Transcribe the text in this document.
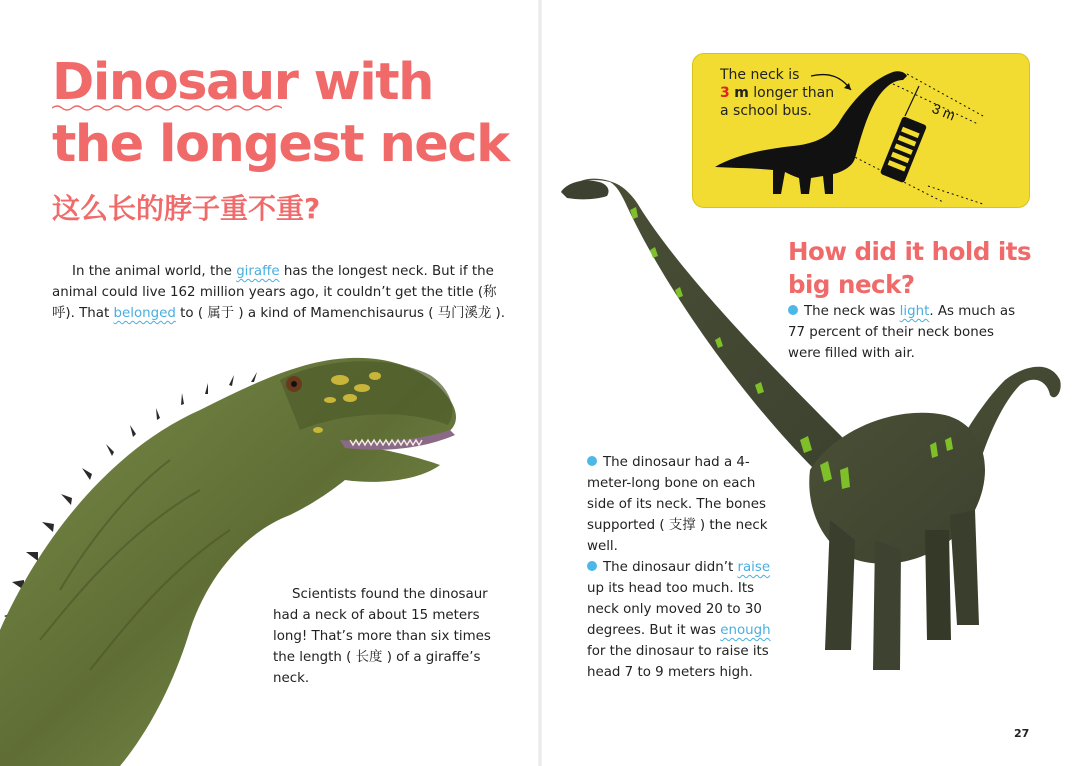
Dinosaur with the longest neck
这么长的脖子重不重?

In the animal world, the giraffe has the longest neck. But if the animal could live 162 million years ago, it couldn’t get the title (称呼). That belonged to ( 属于 ) a kind of Mamenchisaurus ( 马门溪龙 ).

Scientists found the dinosaur had a neck of about 15 meters long! That’s more than six times the length ( 长度 ) of a giraffe’s neck.

The neck is
3 m longer than a school bus.	3 m
How did it hold its big neck?

The neck was light. As much as 77 percent of their neck bones were filled with air.

The dinosaur had a 4-meter-long bone on each side of its neck. The bones supported ( 支撑 ) the neck well.
The dinosaur didn’t raise up its head too much. Its neck only moved 20 to 30 degrees. But it was enough for the dinosaur to raise its head 7 to 9 meters high.

27
